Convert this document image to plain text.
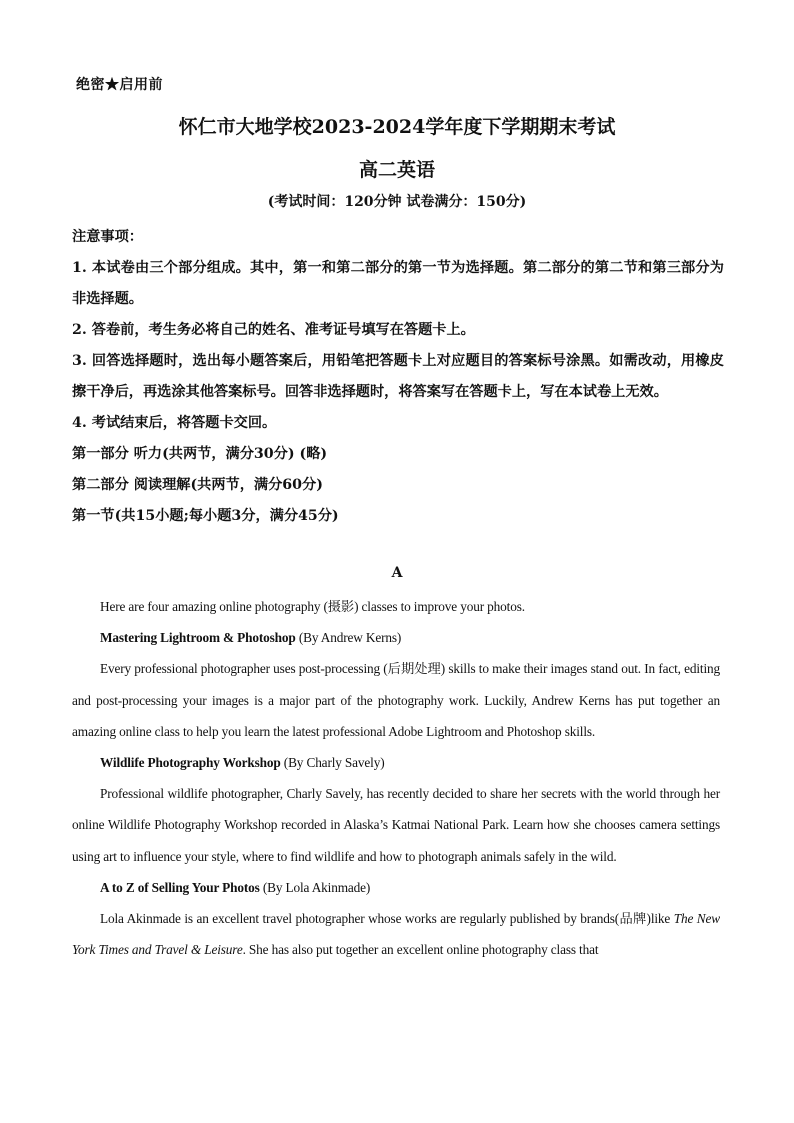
绝密★启用前
怀仁市大地学校2023-2024学年度下学期期末考试
高二英语
(考试时间：120分钟 试卷满分：150分)

注意事项：

1. 本试卷由三个部分组成。其中，第一和第二部分的第一节为选择题。第二部分的第二节和第三部分为非选择题。

2. 答卷前，考生务必将自己的姓名、准考证号填写在答题卡上。

3. 回答选择题时，选出每小题答案后，用铅笔把答题卡上对应题目的答案标号涂黑。如需改动，用橡皮擦干净后，再选涂其他答案标号。回答非选择题时，将答案写在答题卡上，写在本试卷上无效。

4. 考试结束后，将答题卡交回。

第一部分 听力(共两节，满分30分) (略)

第二部分 阅读理解(共两节，满分60分)

第一节(共15小题;每小题3分，满分45分)

A

Here are four amazing online photography (摄影) classes to improve your photos.

Mastering Lightroom & Photoshop (By Andrew Kerns)

Every professional photographer uses post-processing (后期处理) skills to make their images stand out. In fact, editing and post-processing your images is a major part of the photography work. Luckily, Andrew Kerns has put together an amazing online class to help you learn the latest professional Adobe Lightroom and Photoshop skills.

Wildlife Photography Workshop (By Charly Savely)

Professional wildlife photographer, Charly Savely, has recently decided to share her secrets with the world through her online Wildlife Photography Workshop recorded in Alaska’s Katmai National Park. Learn how she chooses camera settings using art to influence your style, where to find wildlife and how to photograph animals safely in the wild.

A to Z of Selling Your Photos (By Lola Akinmade)

Lola Akinmade is an excellent travel photographer whose works are regularly published by brands(品牌)like The New York Times and Travel & Leisure. She has also put together an excellent online photography class that
